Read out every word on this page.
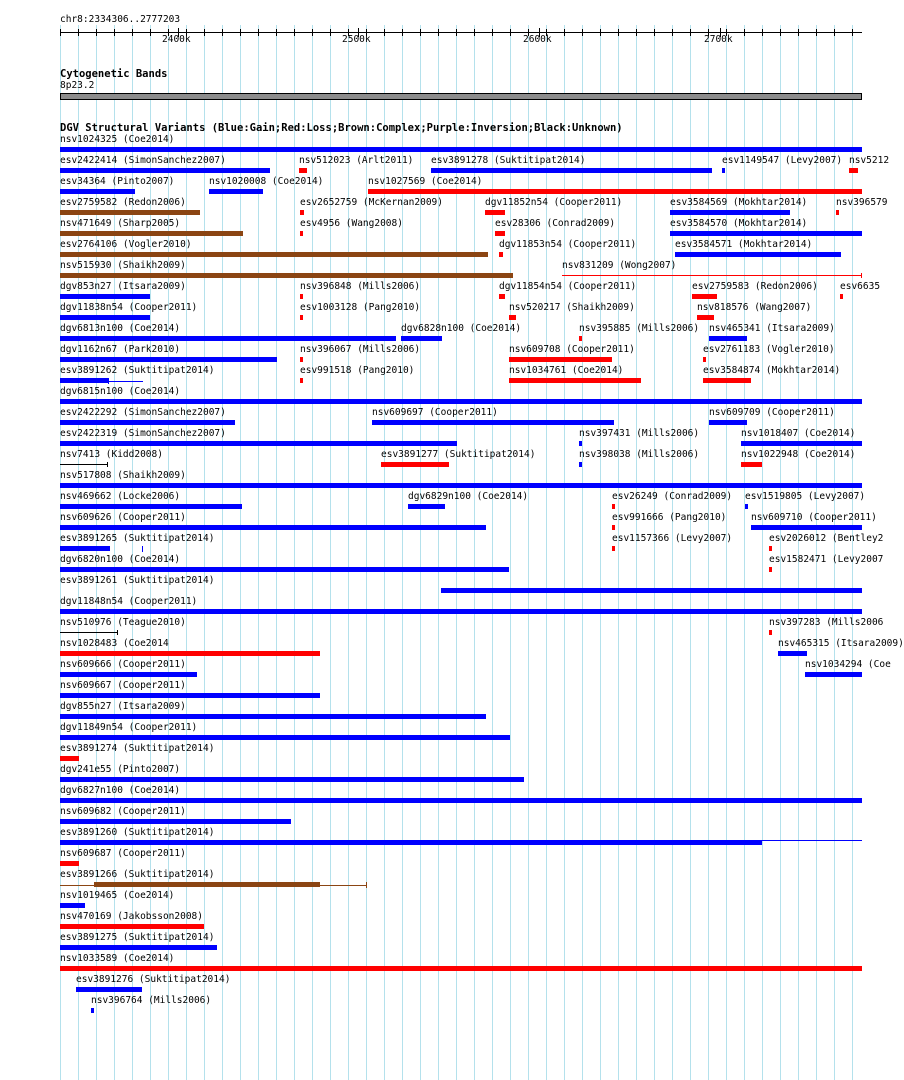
chr8:2334306..2777203
2400k	2500k	2600k	2700k
Cytogenetic Bands
8p23.2
DGV Structural Variants (Blue:Gain;Red:Loss;Brown:Complex;Purple:Inversion;Black:Unknown)
nsv1024325 (Coe2014)
esv2422414 (SimonSanchez2007)	nsv512023 (Arlt2011) esv3891278 (Suktitipat2014)	esv1149547 (Levy2007) nsv5212
esv34364 (Pinto2007)	nsv1020008 (Coe2014)	nsv1027569 (Coe2014)
esv2759582 (Redon2006)	esv2652759 (McKernan2009)	dgv11852n54 (Cooper2011)	esv3584569 (Mokhtar2014)	nsv396579
nsv471649 (Sharp2005)	esv4956 (Wang2008)	esv28306 (Conrad2009)	esv3584570 (Mokhtar2014)
esv2764106 (Vogler2010)	dgv11853n54 (Cooper2011)	esv3584571 (Mokhtar2014)
nsv515930 (Shaikh2009)	nsv831209 (Wong2007)
dgv853n27 (Itsara2009)	nsv396848 (Mills2006)	dgv11854n54 (Cooper2011)	esv2759583 (Redon2006) esv6635
dgv11838n54 (Cooper2011)	esv1003128 (Pang2010)	nsv520217 (Shaikh2009)	nsv818576 (Wang2007)
dgv6813n100 (Coe2014)	dgv6828n100 (Coe2014)	nsv395885 (Mills2006) nsv465341 (Itsara2009)
dgv1162n67 (Park2010)	nsv396067 (Mills2006)	nsv609708 (Cooper2011)	esv2761183 (Vogler2010)
esv3891262 (Suktitipat2014)	esv991518 (Pang2010)	nsv1034761 (Coe2014)	esv3584874 (Mokhtar2014)
dgv6815n100 (Coe2014)
esv2422292 (SimonSanchez2007)	nsv609697 (Cooper2011)	nsv609709 (Cooper2011)
esv2422319 (SimonSanchez2007)	nsv397431 (Mills2006)	nsv1018407 (Coe2014)
nsv7413 (Kidd2008)	esv3891277 (Suktitipat2014)	nsv398038 (Mills2006)	nsv1022948 (Coe2014)
nsv517808 (Shaikh2009)
nsv469662 (Locke2006)	dgv6829n100 (Coe2014)	esv26249 (Conrad2009) esv1519805 (Levy2007)
nsv609626 (Cooper2011)	esv991666 (Pang2010)	nsv609710 (Cooper2011)
esv3891265 (Suktitipat2014)	esv1157366 (Levy2007)	esv2026012 (Bentley2
dgv6820n100 (Coe2014)	esv1582471 (Levy2007
esv3891261 (Suktitipat2014)
dgv11848n54 (Cooper2011)
nsv510976 (Teague2010)	nsv397283 (Mills2006
nsv465315 (Itsara2009)
nsv1028483 (Coe2014
nsv609666 (Cooper2011)	nsv1034294 (Coe
nsv609667 (Cooper2011)
dgv855n27 (Itsara2009)
dgv11849n54 (Cooper2011)
esv3891274 (Suktitipat2014)
dgv241e55 (Pinto2007)
dgv6827n100 (Coe2014)
nsv609682 (Cooper2011)
esv3891260 (Suktitipat2014)
nsv609687 (Cooper2011)
esv3891266 (Suktitipat2014)
nsv1019465 (Coe2014)
nsv470169 (Jakobsson2008)
esv3891275 (Suktitipat2014)
nsv1033589 (Coe2014)
esv3891276 (Suktitipat2014)
nsv396764 (Mills2006)
